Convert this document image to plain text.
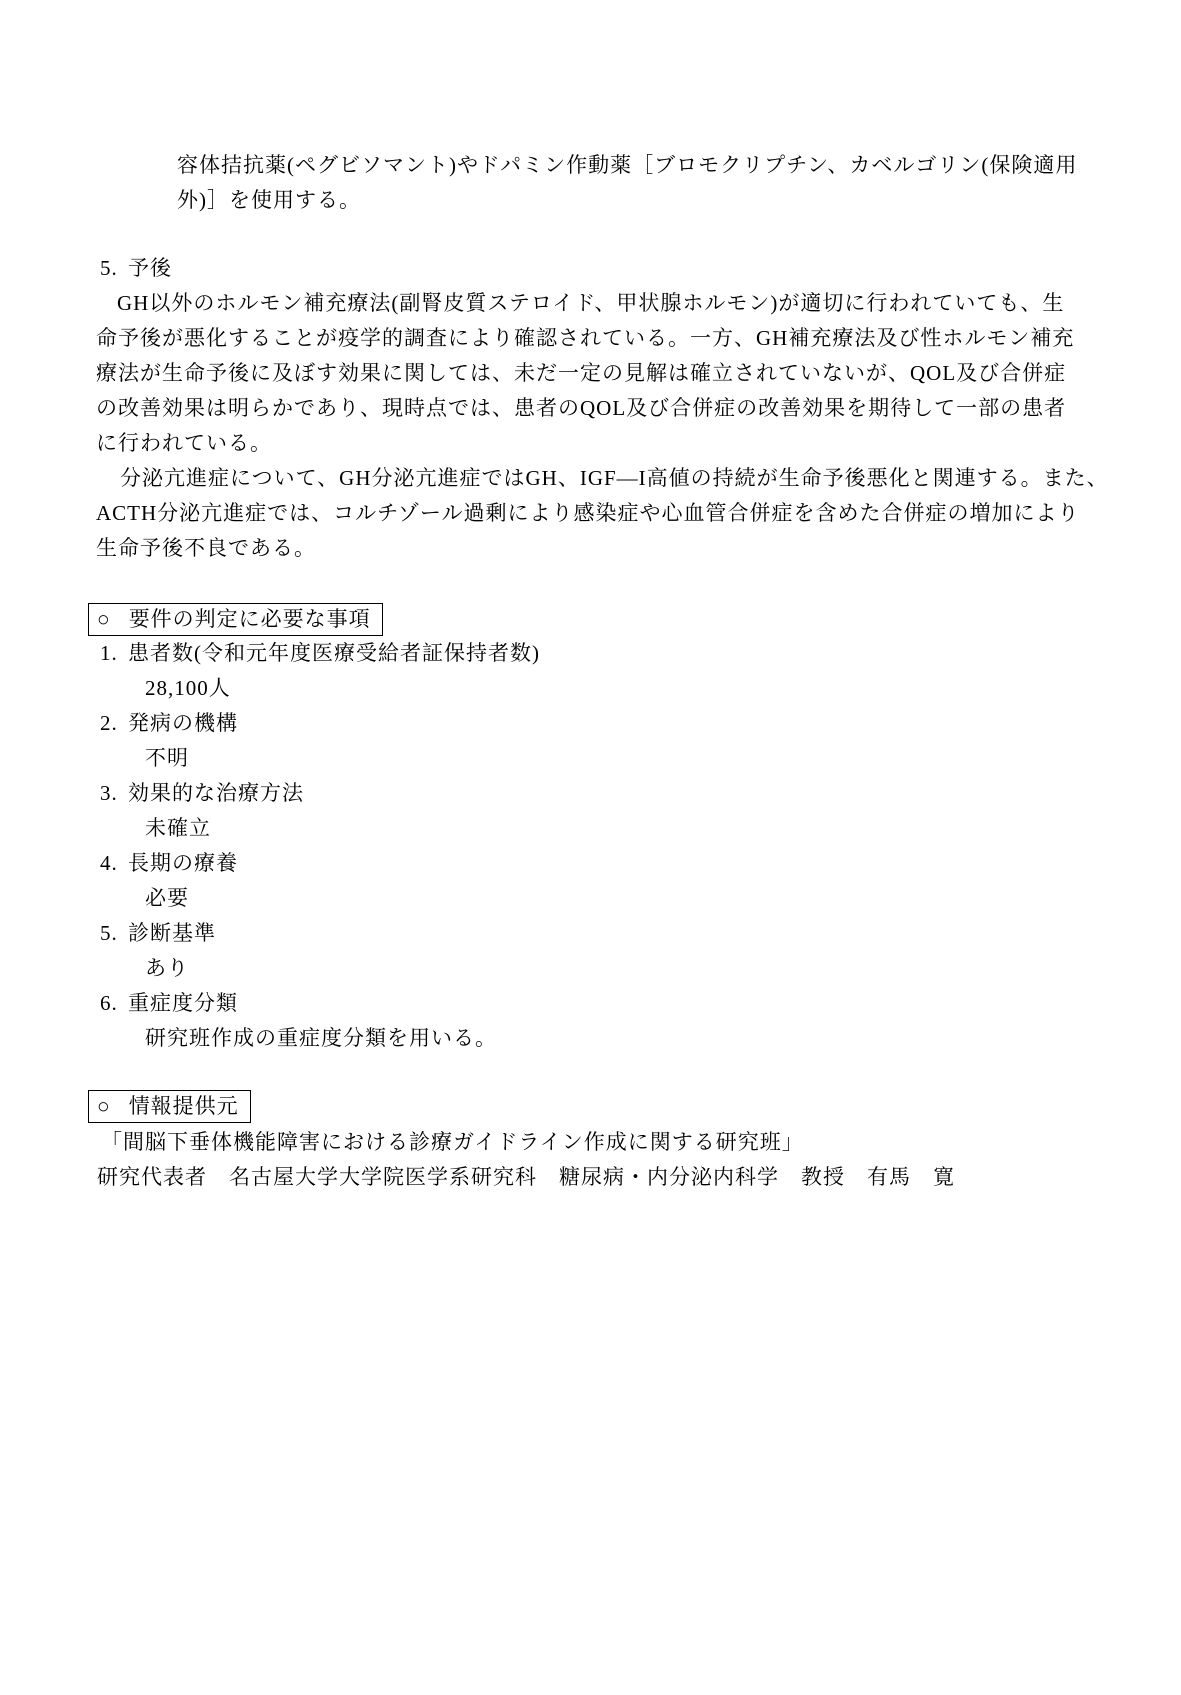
容体拮抗薬(ペグビソマント)やドパミン作動薬［ブロモクリプチン、カベルゴリン(保険適用
外)］を使用する。
5. 予後
GH以外のホルモン補充療法(副腎皮質ステロイド、甲状腺ホルモン)が適切に行われていても、生
命予後が悪化することが疫学的調査により確認されている。一方、GH補充療法及び性ホルモン補充
療法が生命予後に及ぼす効果に関しては、未だ一定の見解は確立されていないが、QOL及び合併症
の改善効果は明らかであり、現時点では、患者のQOL及び合併症の改善効果を期待して一部の患者
に行われている。
分泌亢進症について、GH分泌亢進症ではGH、IGF—I高値の持続が生命予後悪化と関連する。また、
ACTH分泌亢進症では、コルチゾール過剰により感染症や心血管合併症を含めた合併症の増加により
生命予後不良である。
○ 要件の判定に必要な事項
1. 患者数(令和元年度医療受給者証保持者数)
28,100人
2. 発病の機構
不明
3. 効果的な治療方法
未確立
4. 長期の療養
必要
5. 診断基準
あり
6. 重症度分類
研究班作成の重症度分類を用いる。
○ 情報提供元
「間脳下垂体機能障害における診療ガイドライン作成に関する研究班」
研究代表者　名古屋大学大学院医学系研究科　糖尿病・内分泌内科学　教授　有馬　寛
